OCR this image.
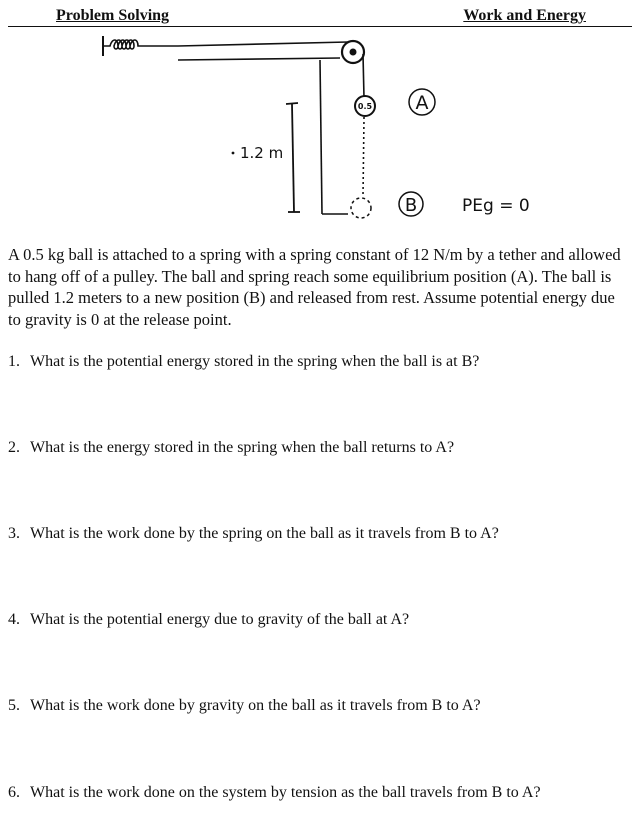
Problem Solving	Work and Energy
0.5 A
B	PEg = 0
1.2 m

A 0.5 kg ball is attached to a spring with a spring constant of 12 N/m by a tether and allowed to hang off of a pulley. The ball and spring reach some equilibrium position (A). The ball is pulled 1.2 meters to a new position (B) and released from rest. Assume potential energy due to gravity is 0 at the release point.

1. What is the potential energy stored in the spring when the ball is at B?
2. What is the energy stored in the spring when the ball returns to A?
3. What is the work done by the spring on the ball as it travels from B to A?
4. What is the potential energy due to gravity of the ball at A?
5. What is the work done by gravity on the ball as it travels from B to A?
6. What is the work done on the system by tension as the ball travels from B to A?
